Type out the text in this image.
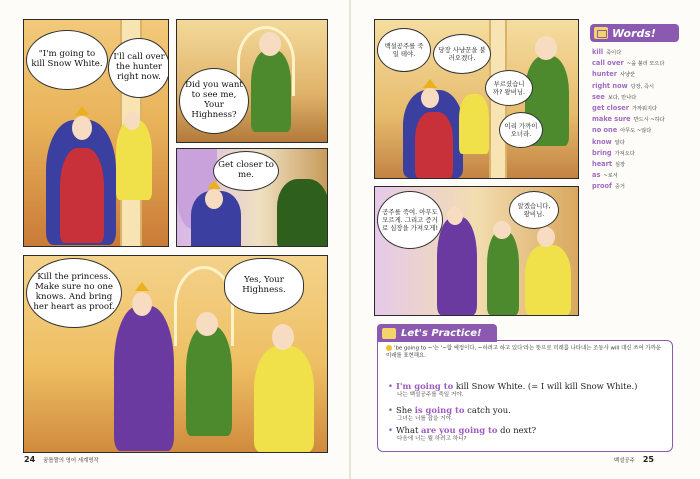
"I'm going to kill Snow White.
I'll call over the hunter right now.
Did you want to see me, Your Highness?
Get closer to me.
Kill the princess. Make sure no one knows. And bring her heart as proof.
Yes, Your Highness.
24 꿈틀짤의 영어 세계명작
백설공주를 죽일 테야.
당장 사냥꾼을 불러오겠다.
부르셨습니까? 왕비님.
이리 가까이 오너라.
공주를 죽여. 아무도 모르게. 그리고 증거로 심장을 가져오게!
알겠습니다, 왕비님.
Words!
kill 죽이다
call over ~을 불러 모으다
hunter 사냥꾼
right now 당장, 즉시
see 보다, 만나다
get closer 가까워지다
make sure 반드시 ~하다
no one 아무도 ~않다
know 알다
bring 가져오다
heart 심장
as ~로서
proof 증거
'be going to ~'는 '~할 예정이다, ~하려고 하고 있다'라는 뜻으로 미래를 나타내는 조동사 will 대신 쓰여 가까운 미래를 표현해요.
• I'm going to kill Snow White. (= I will kill Snow White.)
나는 백설공주를 죽일 거야.
• She is going to catch you.
그녀는 너를 잡을 거야.
• What are you going to do next?
다음에 너는 뭘 하려고 하니?
Let's Practice!
백설공주 25
